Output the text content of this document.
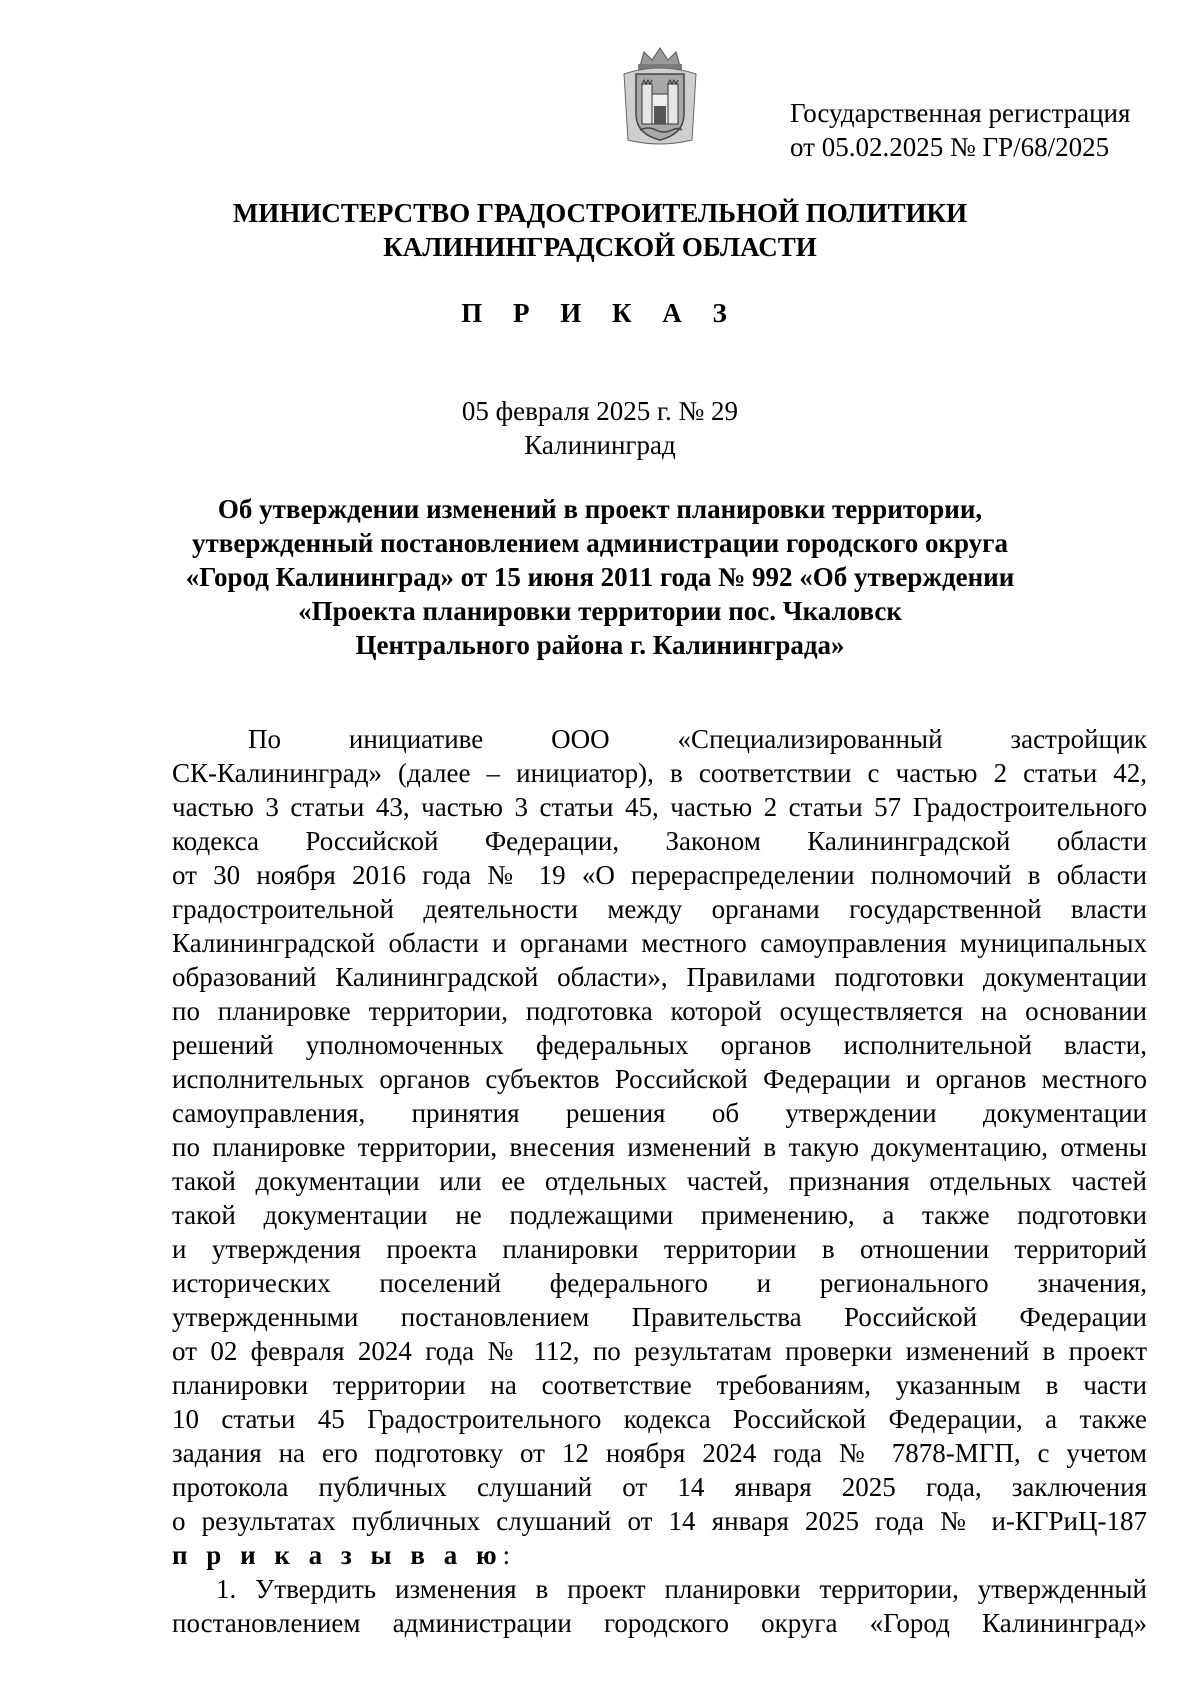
Государственная регистрация
от 05.02.2025 № ГР/68/2025
МИНИСТЕРСТВО ГРАДОСТРОИТЕЛЬНОЙ ПОЛИТИКИ
КАЛИНИНГРАДСКОЙ ОБЛАСТИ
П Р И К А З
05 февраля 2025 г. № 29
Калининград
Об утверждении изменений в проект планировки территории,
утвержденный постановлением администрации городского округа
«Город Калининград» от 15 июня 2011 года № 992 «Об утверждении
«Проекта планировки территории пос. Чкаловск
Центрального района г. Калининграда»
По инициативе ООО «Специализированный застройщик
СК-Калининград» (далее – инициатор), в соответствии с частью 2 статьи 42,
частью 3 статьи 43, частью 3 статьи 45, частью 2 статьи 57 Градостроительного
кодекса Российской Федерации, Законом Калининградской области
от 30 ноября 2016 года № 19 «О перераспределении полномочий в области
градостроительной деятельности между органами государственной власти
Калининградской области и органами местного самоуправления муниципальных
образований Калининградской области», Правилами подготовки документации
по планировке территории, подготовка которой осуществляется на основании
решений уполномоченных федеральных органов исполнительной власти,
исполнительных органов субъектов Российской Федерации и органов местного
самоуправления, принятия решения об утверждении документации
по планировке территории, внесения изменений в такую документацию, отмены
такой документации или ее отдельных частей, признания отдельных частей
такой документации не подлежащими применению, а также подготовки
и утверждения проекта планировки территории в отношении территорий
исторических поселений федерального и регионального значения,
утвержденными постановлением Правительства Российской Федерации
от 02 февраля 2024 года № 112, по результатам проверки изменений в проект
планировки территории на соответствие требованиям, указанным в части
10 статьи 45 Градостроительного кодекса Российской Федерации, а также
задания на его подготовку от 12 ноября 2024 года № 7878-МГП, с учетом
протокола публичных слушаний от 14 января 2025 года, заключения
о результатах публичных слушаний от 14 января 2025 года № и-КГРиЦ-187
п р и к а з ы в а ю:
1. Утвердить изменения в проект планировки территории, утвержденный
постановлением администрации городского округа «Город Калининград»
